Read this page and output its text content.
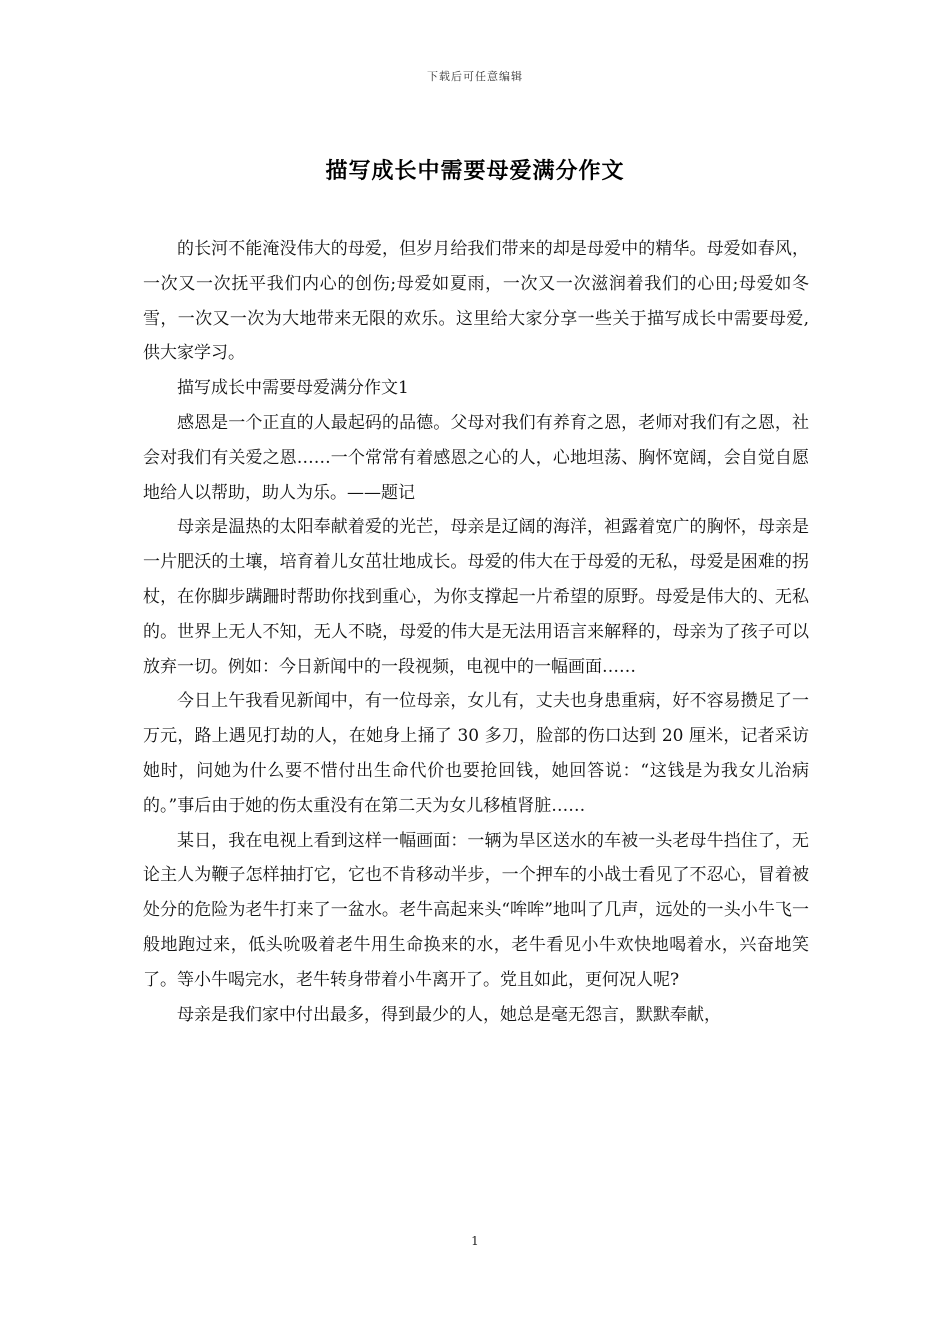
下载后可任意编辑
描写成长中需要母爱满分作文

的长河不能淹没伟大的母爱，但岁月给我们带来的却是母爱中的精华。母爱如春风，一次又一次抚平我们内心的创伤;母爱如夏雨，一次又一次滋润着我们的心田;母爱如冬雪，一次又一次为大地带来无限的欢乐。这里给大家分享一些关于描写成长中需要母爱,供大家学习。

描写成长中需要母爱满分作文1

感恩是一个正直的人最起码的品德。父母对我们有养育之恩，老师对我们有之恩，社会对我们有关爱之恩……一个常常有着感恩之心的人，心地坦荡、胸怀宽阔，会自觉自愿地给人以帮助，助人为乐。——题记

母亲是温热的太阳奉献着爱的光芒，母亲是辽阔的海洋，袒露着宽广的胸怀，母亲是一片肥沃的土壤，培育着儿女茁壮地成长。母爱的伟大在于母爱的无私，母爱是困难的拐杖，在你脚步蹒跚时帮助你找到重心，为你支撑起一片希望的原野。母爱是伟大的、无私的。世界上无人不知，无人不晓，母爱的伟大是无法用语言来解释的，母亲为了孩子可以放弃一切。例如：今日新闻中的一段视频，电视中的一幅画面……

今日上午我看见新闻中，有一位母亲，女儿有，丈夫也身患重病，好不容易攒足了一万元，路上遇见打劫的人，在她身上捅了 30 多刀，脸部的伤口达到 20 厘米，记者采访她时，问她为什么要不惜付出生命代价也要抢回钱，她回答说：“这钱是为我女儿治病的。”事后由于她的伤太重没有在第二天为女儿移植肾脏……

某日，我在电视上看到这样一幅画面：一辆为旱区送水的车被一头老母牛挡住了，无论主人为鞭子怎样抽打它，它也不肯移动半步，一个押车的小战士看见了不忍心，冒着被处分的危险为老牛打来了一盆水。老牛高起来头“哞哞”地叫了几声，远处的一头小牛飞一般地跑过来，低头吮吸着老牛用生命换来的水，老牛看见小牛欢快地喝着水，兴奋地笑了。等小牛喝完水，老牛转身带着小牛离开了。党且如此，更何况人呢?

母亲是我们家中付出最多，得到最少的人，她总是毫无怨言，默默奉献，

1
